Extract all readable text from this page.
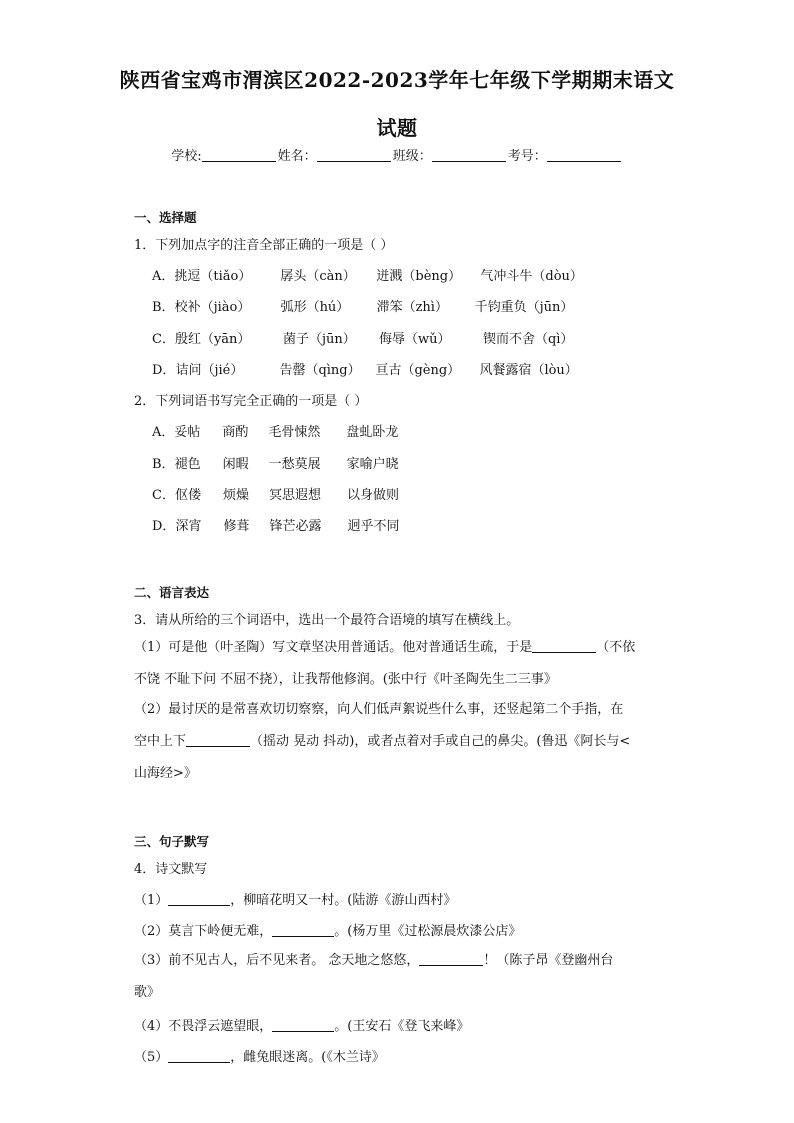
陕西省宝鸡市渭滨区2022-2023学年七年级下学期期末语文
试题
学校:	姓名：	班级：	考号：
一、选择题
1．下列加点字的注音全部正确的一项是（ ）
A．挑逗（tiǎo） 孱头（càn） 迸溅（bèng） 气冲斗牛（dòu）
B．校补（jiào） 弧形（hú） 滞笨（zhì） 千钧重负（jūn）
C．殷红（yān）	菌子（jūn） 侮辱（wǔ） 锲而不舍（qì）
D．诘问（jié）	告罄（qìng） 亘古（gèng） 风餐露宿（lòu）
2．下列词语书写完全正确的一项是（ ）
A．妥帖 商酌 毛骨悚然 盘虬卧龙
B．褪色 闲暇 一愁莫展 家喻户晓
C．伛偻 烦燥 冥思遐想 以身做则
D．深宵 修葺 锋芒必露 迥乎不同
二、语言表达
3．请从所给的三个词语中，选出一个最符合语境的填写在横线上。
（1）可是他（叶圣陶）写文章坚决用普通话。他对普通话生疏，于是	（不依
不饶 不耻下问 不屈不挠），让我帮他修润。(张中行《叶圣陶先生二三事》
（2）最讨厌的是常喜欢切切察察，向人们低声絮说些什么事，还竖起第二个手指，在
空中上下	（摇动 晃动 抖动)，或者点着对手或自己的鼻尖。(鲁迅《阿长与<
山海经>》
三、句子默写
4．诗文默写
（1）	，柳暗花明又一村。(陆游《游山西村》
（2）莫言下岭便无难，	。(杨万里《过松源晨炊漆公店》
（3）前不见古人，后不见来者。 念天地之悠悠，	！（陈子昂《登幽州台
歌》
（4）不畏浮云遮望眼，	。(王安石《登飞来峰》
（5）	，雌兔眼迷离。(《木兰诗》
